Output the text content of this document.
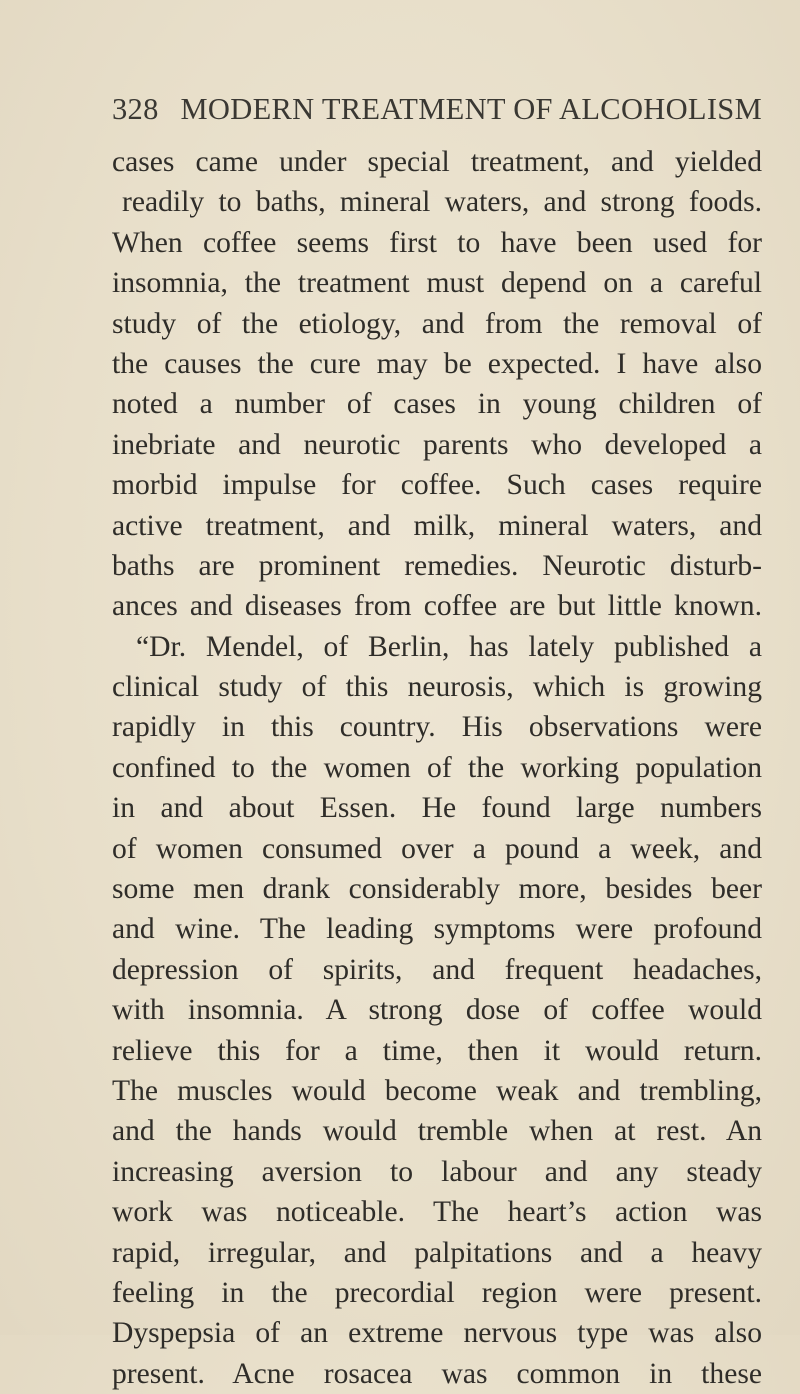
328 MODERN TREATMENT OF ALCOHOLISM
cases came under special treatment, and yielded
readily to baths, mineral waters, and strong foods.
When coffee seems first to have been used for
insomnia, the treatment must depend on a careful
study of the etiology, and from the removal of
the causes the cure may be expected. I have also
noted a number of cases in young children of
inebriate and neurotic parents who developed a
morbid impulse for coffee. Such cases require
active treatment, and milk, mineral waters, and
baths are prominent remedies. Neurotic disturb-
ances and diseases from coffee are but little known.
“Dr. Mendel, of Berlin, has lately published a
clinical study of this neurosis, which is growing
rapidly in this country. His observations were
confined to the women of the working population
in and about Essen. He found large numbers
of women consumed over a pound a week, and
some men drank considerably more, besides beer
and wine. The leading symptoms were profound
depression of spirits, and frequent headaches,
with insomnia. A strong dose of coffee would
relieve this for a time, then it would return.
The muscles would become weak and trembling,
and the hands would tremble when at rest. An
increasing aversion to labour and any steady
work was noticeable. The heart’s action was
rapid, irregular, and palpitations and a heavy
feeling in the precordial region were present.
Dyspepsia of an extreme nervous type was also
present. Acne rosacea was common in these
